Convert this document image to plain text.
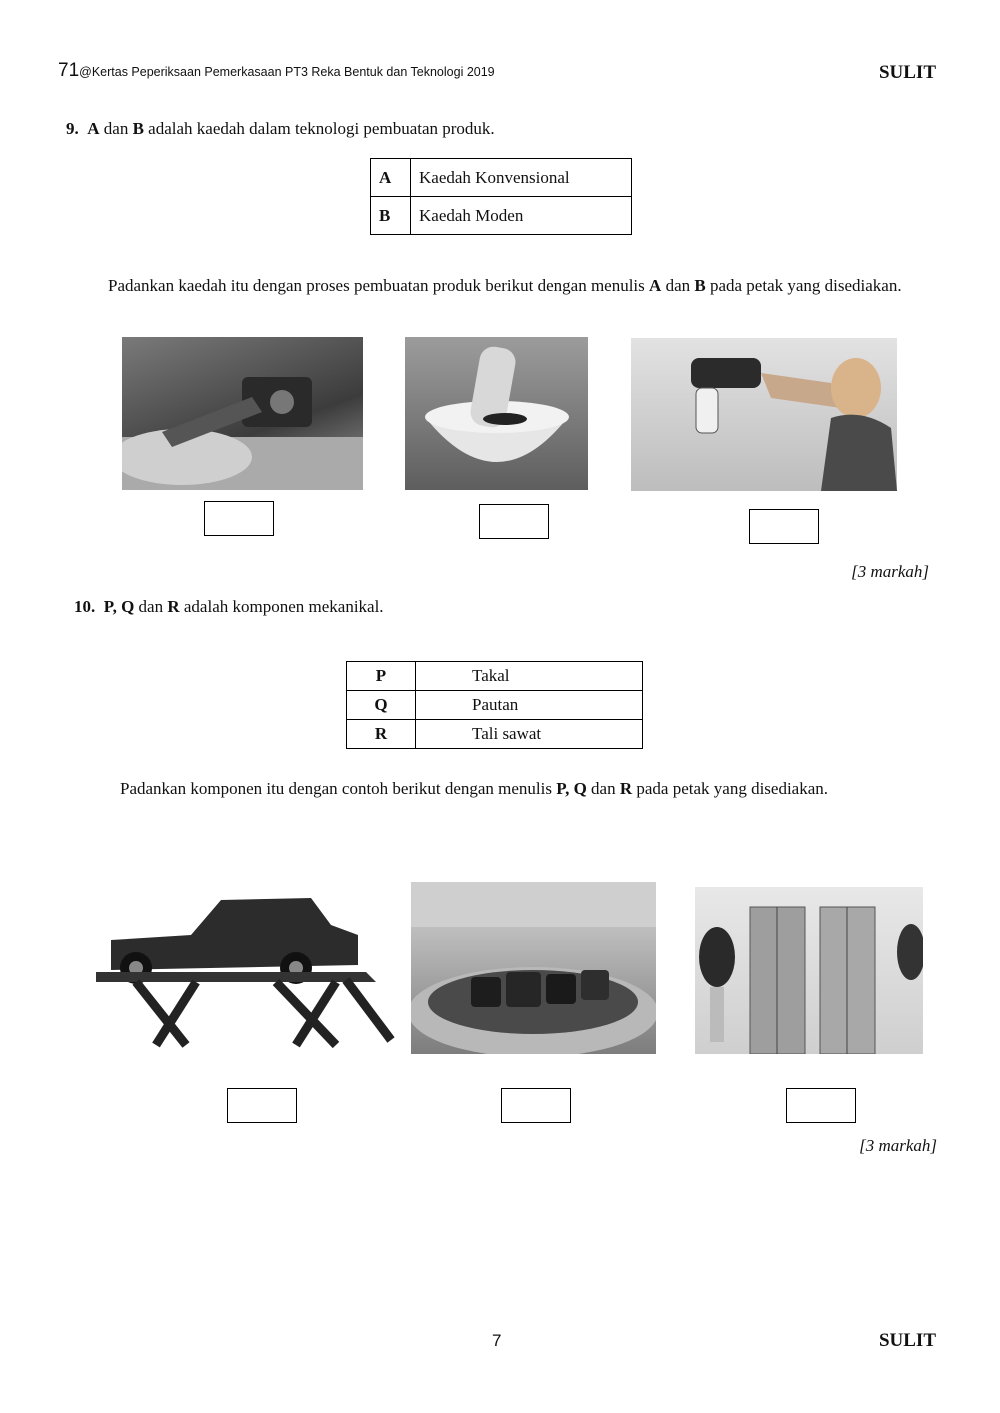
71@Kertas Peperiksaan Pemerkasaan PT3 Reka Bentuk dan Teknologi 2019	SULIT
9. A dan B adalah kaedah dalam teknologi pembuatan produk.
A	Kaedah Konvensional
B	Kaedah Moden
Padankan kaedah itu dengan proses pembuatan produk berikut dengan menulis A dan B pada petak yang disediakan.
[3 markah]
10. P, Q dan R adalah komponen mekanikal.
P	Takal
Q	Pautan
R	Tali sawat
Padankan komponen itu dengan contoh berikut dengan menulis P, Q dan R pada petak yang disediakan.
[3 markah]
7	SULIT
